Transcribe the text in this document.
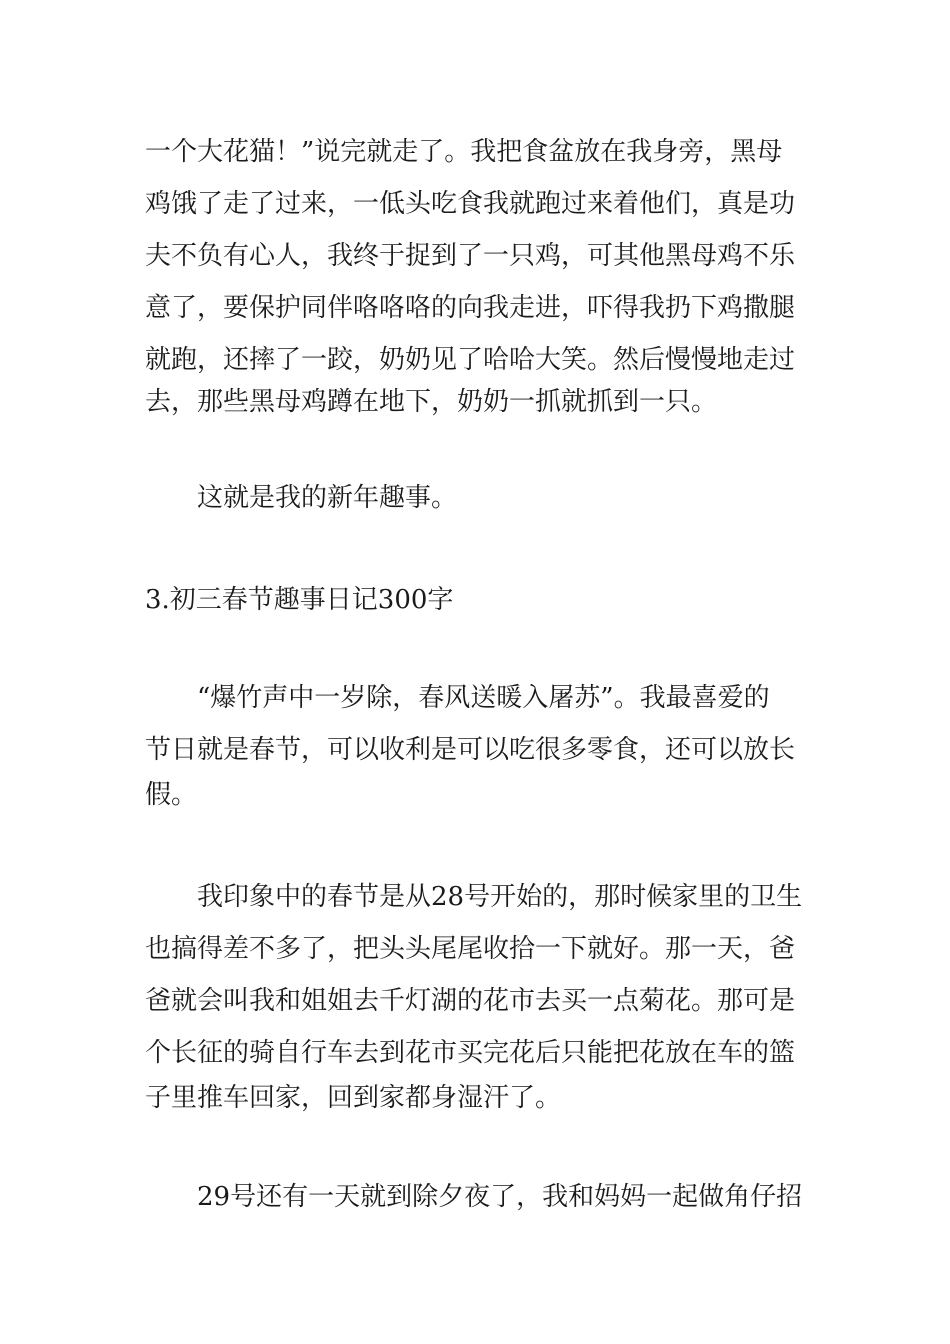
一个大花猫！”说完就走了。我把食盆放在我身旁，黑母
鸡饿了走了过来，一低头吃食我就跑过来着他们，真是功
夫不负有心人，我终于捉到了一只鸡，可其他黑母鸡不乐
意了，要保护同伴咯咯咯的向我走进，吓得我扔下鸡撒腿
就跑，还摔了一跤，奶奶见了哈哈大笑。然后慢慢地走过
去，那些黑母鸡蹲在地下，奶奶一抓就抓到一只。
这就是我的新年趣事。
3.初三春节趣事日记300字
“爆竹声中一岁除，春风送暖入屠苏”。我最喜爱的
节日就是春节，可以收利是可以吃很多零食，还可以放长
假。
我印象中的春节是从28号开始的，那时候家里的卫生
也搞得差不多了，把头头尾尾收拾一下就好。那一天，爸
爸就会叫我和姐姐去千灯湖的花市去买一点菊花。那可是
个长征的骑自行车去到花市买完花后只能把花放在车的篮
子里推车回家，回到家都身湿汗了。
29号还有一天就到除夕夜了，我和妈妈一起做角仔招
